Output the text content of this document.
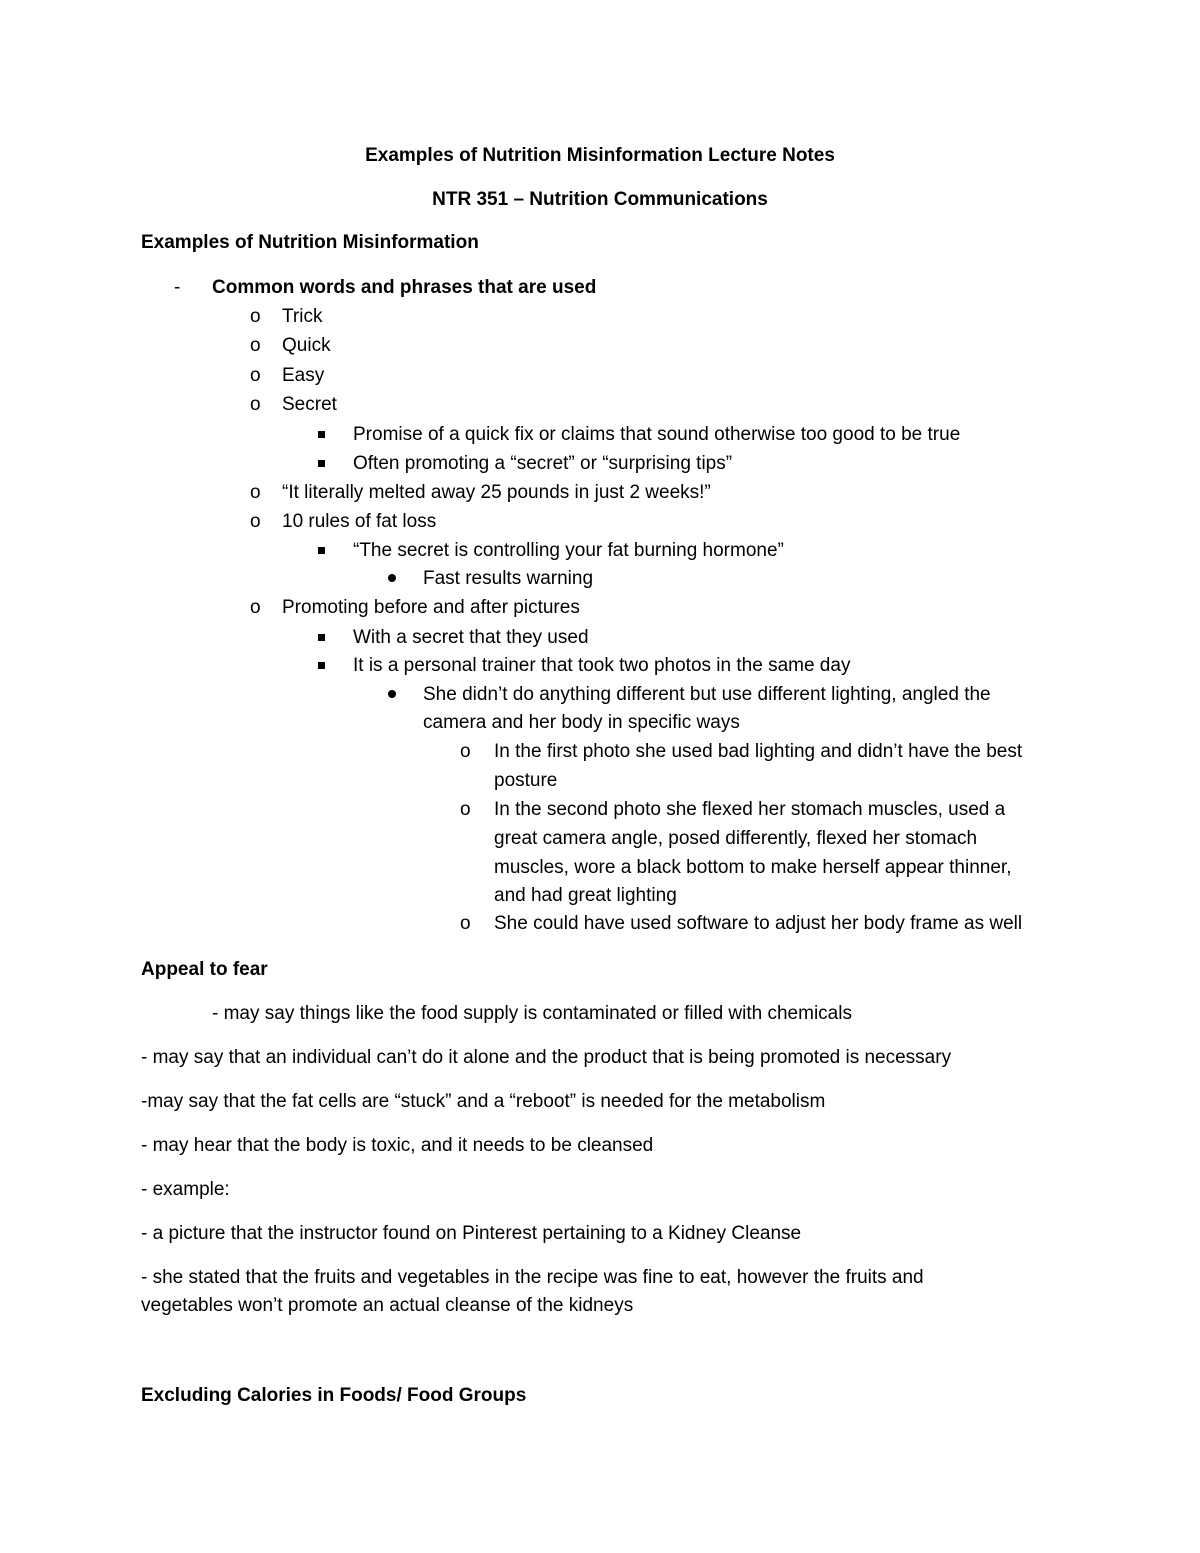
Examples of Nutrition Misinformation Lecture Notes
NTR 351 – Nutrition Communications
Examples of Nutrition Misinformation
- Common words and phrases that are used
o Trick
o Quick
o Easy
o Secret
Promise of a quick fix or claims that sound otherwise too good to be true
Often promoting a “secret” or “surprising tips”
o “It literally melted away 25 pounds in just 2 weeks!”
o 10 rules of fat loss
“The secret is controlling your fat burning hormone”
Fast results warning
o Promoting before and after pictures
With a secret that they used
It is a personal trainer that took two photos in the same day
She didn’t do anything different but use different lighting, angled the
camera and her body in specific ways
o In the first photo she used bad lighting and didn’t have the best
posture
o In the second photo she flexed her stomach muscles, used a
great camera angle, posed differently, flexed her stomach
muscles, wore a black bottom to make herself appear thinner,
and had great lighting
o She could have used software to adjust her body frame as well
Appeal to fear
- may say things like the food supply is contaminated or filled with chemicals
- may say that an individual can’t do it alone and the product that is being promoted is necessary
-may say that the fat cells are “stuck” and a “reboot” is needed for the metabolism
- may hear that the body is toxic, and it needs to be cleansed
- example:
- a picture that the instructor found on Pinterest pertaining to a Kidney Cleanse
- she stated that the fruits and vegetables in the recipe was fine to eat, however the fruits and
vegetables won’t promote an actual cleanse of the kidneys
Excluding Calories in Foods/ Food Groups
